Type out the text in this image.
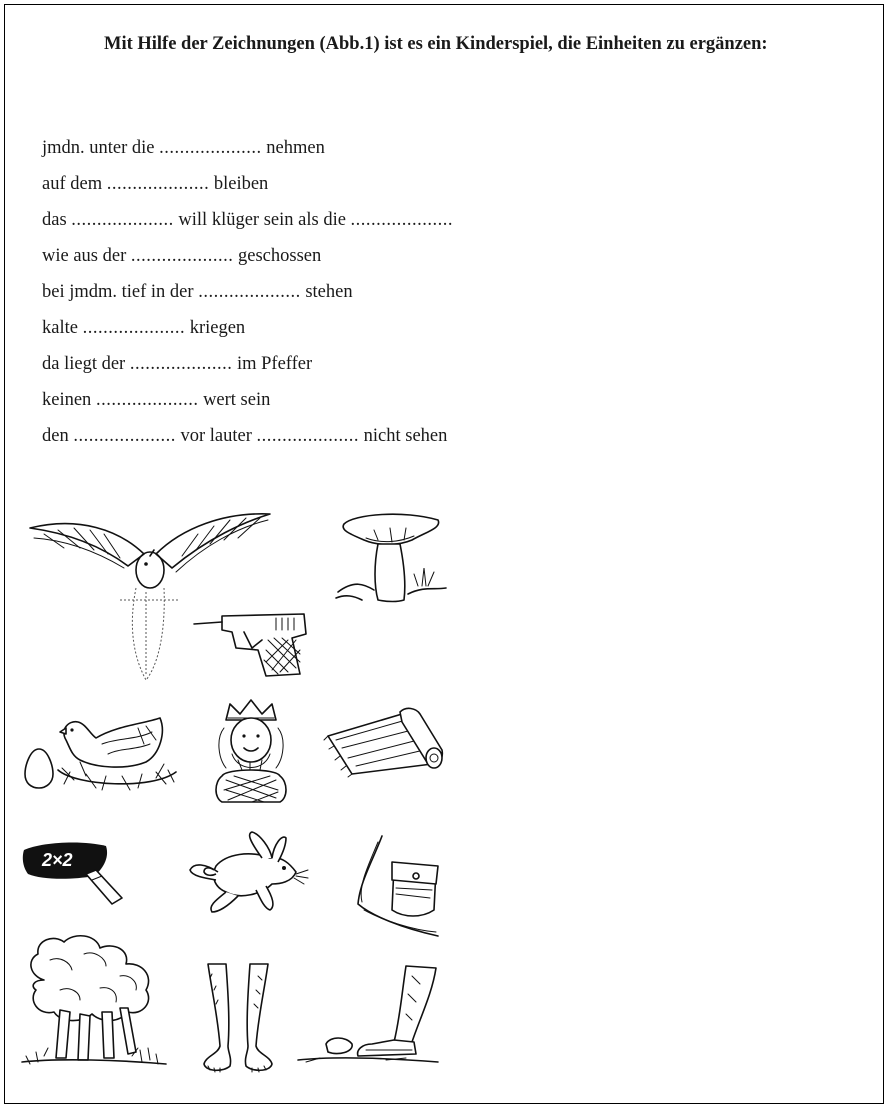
Mit Hilfe der Zeichnungen (Abb.1) ist es ein Kinderspiel, die Einheiten zu ergänzen:
jmdn. unter die .................... nehmen
auf dem .................... bleiben
das .................... will klüger sein als die ....................
wie aus der .................... geschossen
bei jmdm. tief in der .................... stehen
kalte .................... kriegen
da liegt der .................... im Pfeffer
keinen .................... wert sein
den .................... vor lauter .................... nicht sehen
2×2
